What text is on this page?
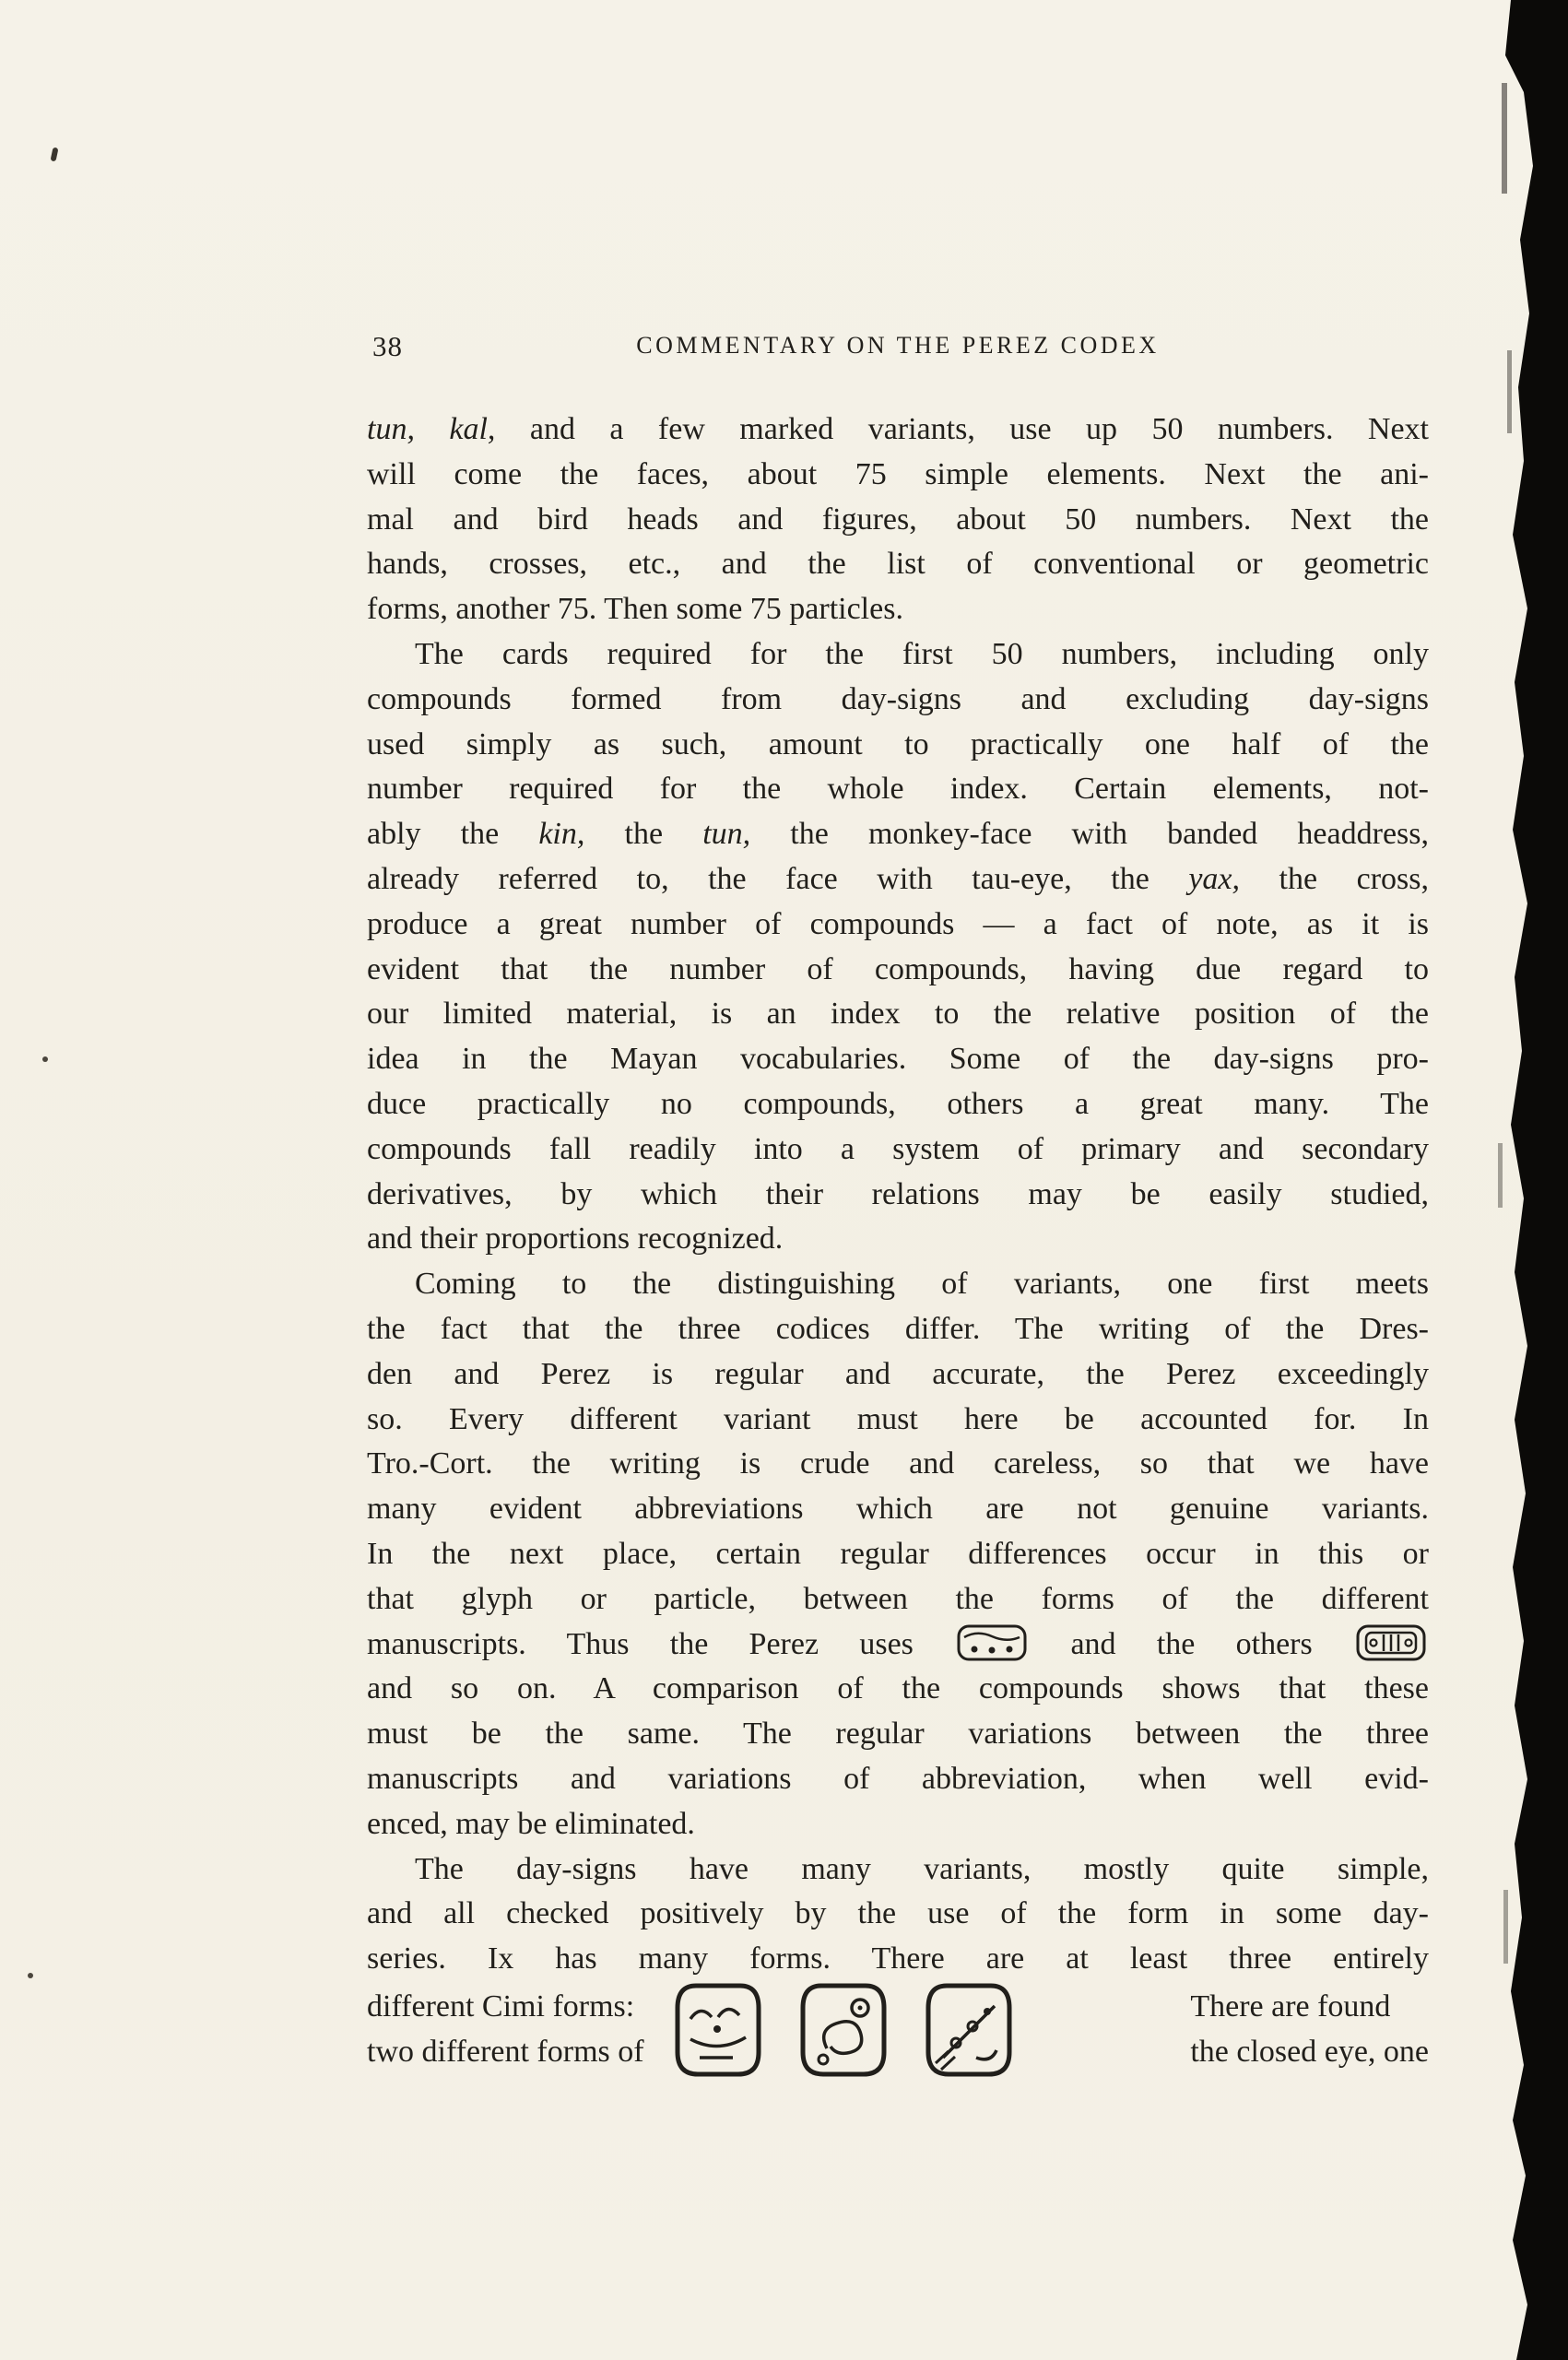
38	COMMENTARY ON THE PEREZ CODEX
tun, kal, and a few marked variants, use up 50 numbers. Next
will come the faces, about 75 simple elements. Next the ani-
mal and bird heads and figures, about 50 numbers. Next the
hands, crosses, etc., and the list of conventional or geometric
forms, another 75. Then some 75 particles.
The cards required for the first 50 numbers, including only
compounds formed from day-signs and excluding day-signs
used simply as such, amount to practically one half of the
number required for the whole index. Certain elements, not-
ably the kin, the tun, the monkey-face with banded headdress,
already referred to, the face with tau-eye, the yax, the cross,
produce a great number of compounds — a fact of note, as it is
evident that the number of compounds, having due regard to
our limited material, is an index to the relative position of the
idea in the Mayan vocabularies. Some of the day-signs pro-
duce practically no compounds, others a great many. The
compounds fall readily into a system of primary and secondary
derivatives, by which their relations may be easily studied,
and their proportions recognized.
Coming to the distinguishing of variants, one first meets
the fact that the three codices differ. The writing of the Dres-
den and Perez is regular and accurate, the Perez exceedingly
so. Every different variant must here be accounted for. In
Tro.-Cort. the writing is crude and careless, so that we have
many evident abbreviations which are not genuine variants.
In the next place, certain regular differences occur in this or
that glyph or particle, between the forms of the different
manuscripts. Thus the Perez uses  and the others
and so on. A comparison of the compounds shows that these
must be the same. The regular variations between the three
manuscripts and variations of abbreviation, when well evid-
enced, may be eliminated.
The day-signs have many variants, mostly quite simple,
and all checked positively by the use of the form in some day-
series. Ix has many forms. There are at least three entirely
different Cimi forms:
two different forms of
There are found
the closed eye, one
